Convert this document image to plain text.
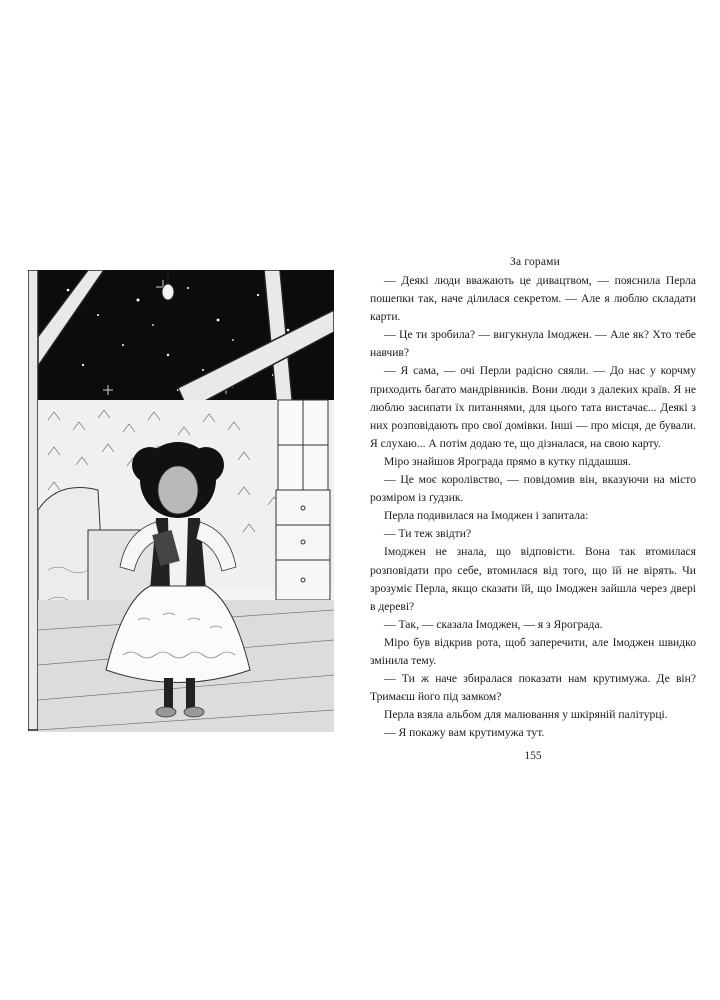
За горами

— Деякі люди вважають це дивацтвом, — пояснила Перла пошепки так, наче ділилася секретом. — Але я люблю складати карти.

— Це ти зробила? — вигукнула Імоджен. — Але як? Хто тебе навчив?

— Я сама, — очі Перли радісно сяяли. — До нас у корчму приходить багато мандрівників. Вони люди з далеких країв. Я не люблю засипати їх питаннями, для цього тата вистачає... Деякі з них розповідають про свої домівки. Інші — про місця, де бували. Я слухаю... А потім додаю те, що дізналася, на свою карту.

Міро знайшов Ярограда прямо в кутку піддашшя.

— Це моє королівство, — повідомив він, вказуючи на місто розміром із ґудзик.

Перла подивилася на Імоджен і запитала:

— Ти теж звідти?

Імоджен не знала, що відповісти. Вона так втомилася розповідати про себе, втомилася від того, що їй не вірять. Чи зрозуміє Перла, якщо сказати їй, що Імоджен зайшла через двері в дереві?

— Так, — сказала Імоджен, — я з Ярограда.

Міро був відкрив рота, щоб заперечити, але Імоджен швидко змінила тему.

— Ти ж наче збиралася показати нам крутимужа. Де він? Тримаєш його під замком?

Перла взяла альбом для малювання у шкіряній палітурці.

— Я покажу вам крутимужа тут.

155
